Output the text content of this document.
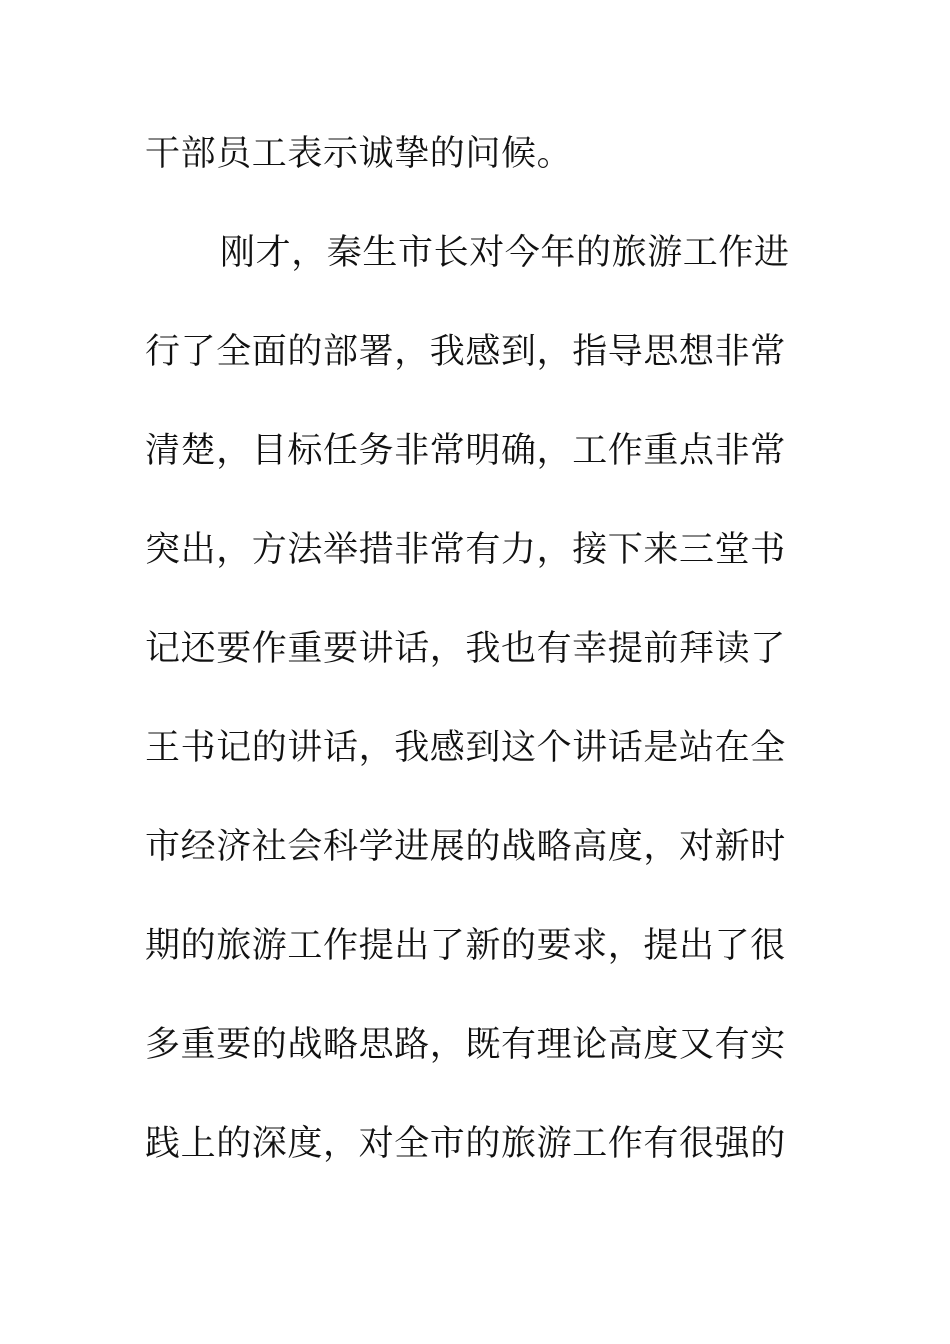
干部员工表示诚挚的问候。
刚才，秦生市长对今年的旅游工作进
行了全面的部署，我感到，指导思想非常
清楚，目标任务非常明确，工作重点非常
突出，方法举措非常有力，接下来三堂书
记还要作重要讲话，我也有幸提前拜读了
王书记的讲话，我感到这个讲话是站在全
市经济社会科学进展的战略高度，对新时
期的旅游工作提出了新的要求，提出了很
多重要的战略思路，既有理论高度又有实
践上的深度，对全市的旅游工作有很强的
